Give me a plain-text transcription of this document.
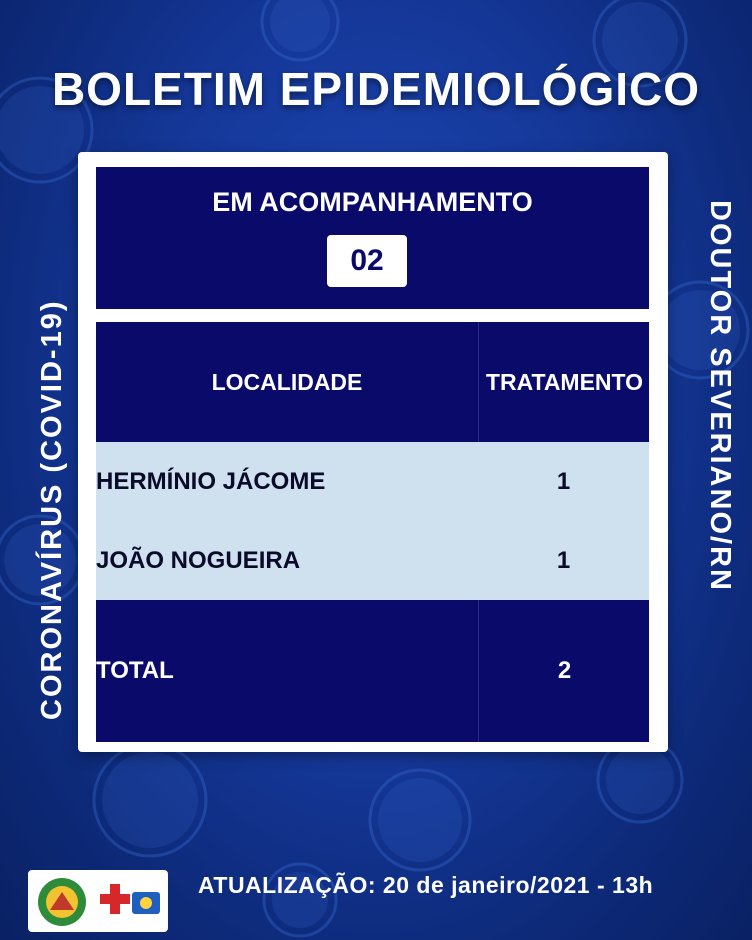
BOLETIM EPIDEMIOLÓGICO
CORONAVÍRUS (COVID-19)	DOUTOR SEVERIANO/RN
EM ACOMPANHAMENTO
02
LOCALIDADE	TRATAMENTO
HERMÍNIO JÁCOME	1
JOÃO NOGUEIRA	1
TOTAL	2
ATUALIZAÇÃO: 20 de janeiro/2021 - 13h
